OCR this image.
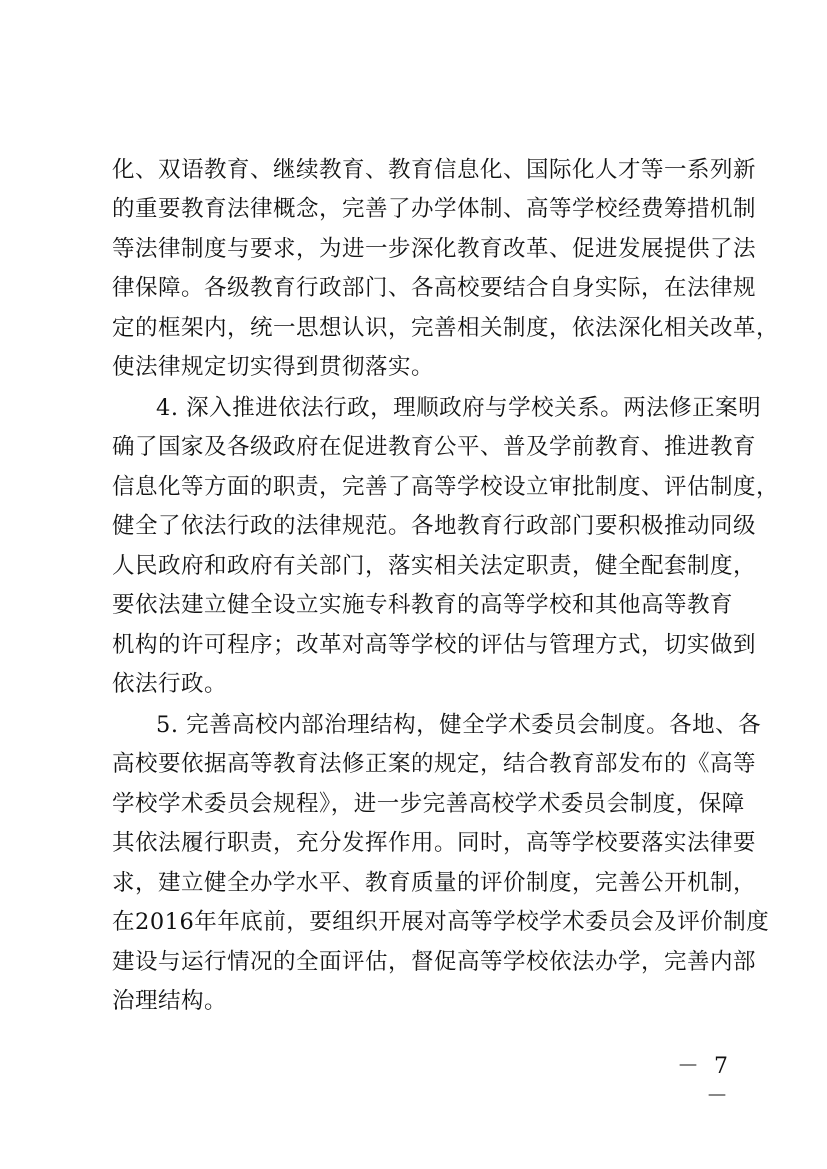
化、双语教育、继续教育、教育信息化、国际化人才等一系列新
的重要教育法律概念，完善了办学体制、高等学校经费筹措机制
等法律制度与要求，为进一步深化教育改革、促进发展提供了法
律保障。各级教育行政部门、各高校要结合自身实际，在法律规
定的框架内，统一思想认识，完善相关制度，依法深化相关改革，
使法律规定切实得到贯彻落实。
4. 深入推进依法行政，理顺政府与学校关系。两法修正案明
确了国家及各级政府在促进教育公平、普及学前教育、推进教育
信息化等方面的职责，完善了高等学校设立审批制度、评估制度，
健全了依法行政的法律规范。各地教育行政部门要积极推动同级
人民政府和政府有关部门，落实相关法定职责，健全配套制度，
要依法建立健全设立实施专科教育的高等学校和其他高等教育
机构的许可程序；改革对高等学校的评估与管理方式，切实做到
依法行政。
5. 完善高校内部治理结构，健全学术委员会制度。各地、各
高校要依据高等教育法修正案的规定，结合教育部发布的《高等
学校学术委员会规程》，进一步完善高校学术委员会制度，保障
其依法履行职责，充分发挥作用。同时，高等学校要落实法律要
求，建立健全办学水平、教育质量的评价制度，完善公开机制，
在2016年年底前，要组织开展对高等学校学术委员会及评价制度
建设与运行情况的全面评估，督促高等学校依法办学，完善内部
治理结构。
－ 7 －
